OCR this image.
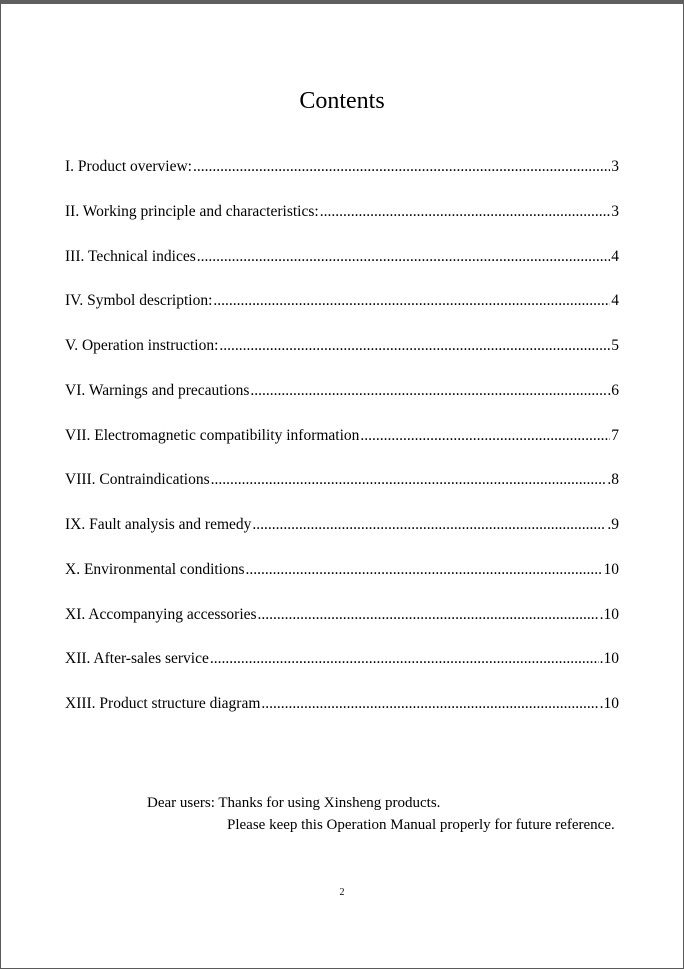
Contents
I. Product overview: .....	3
II. Working principle and characteristics: .....	3
III. Technical indices .....	4
IV. Symbol description: .....	4
V. Operation instruction: .....	5
VI. Warnings and precautions .....	.6
VII. Electromagnetic compatibility information .....	7
VIII. Contraindications .....	.8
IX. Fault analysis and remedy .....	.9
X. Environmental conditions .....	10
XI. Accompanying accessories .....	.10
XII. After-sales service .....	.10
XIII. Product structure diagram .....	.10
Dear users: Thanks for using Xinsheng products.
Please keep this Operation Manual properly for future reference.
2
